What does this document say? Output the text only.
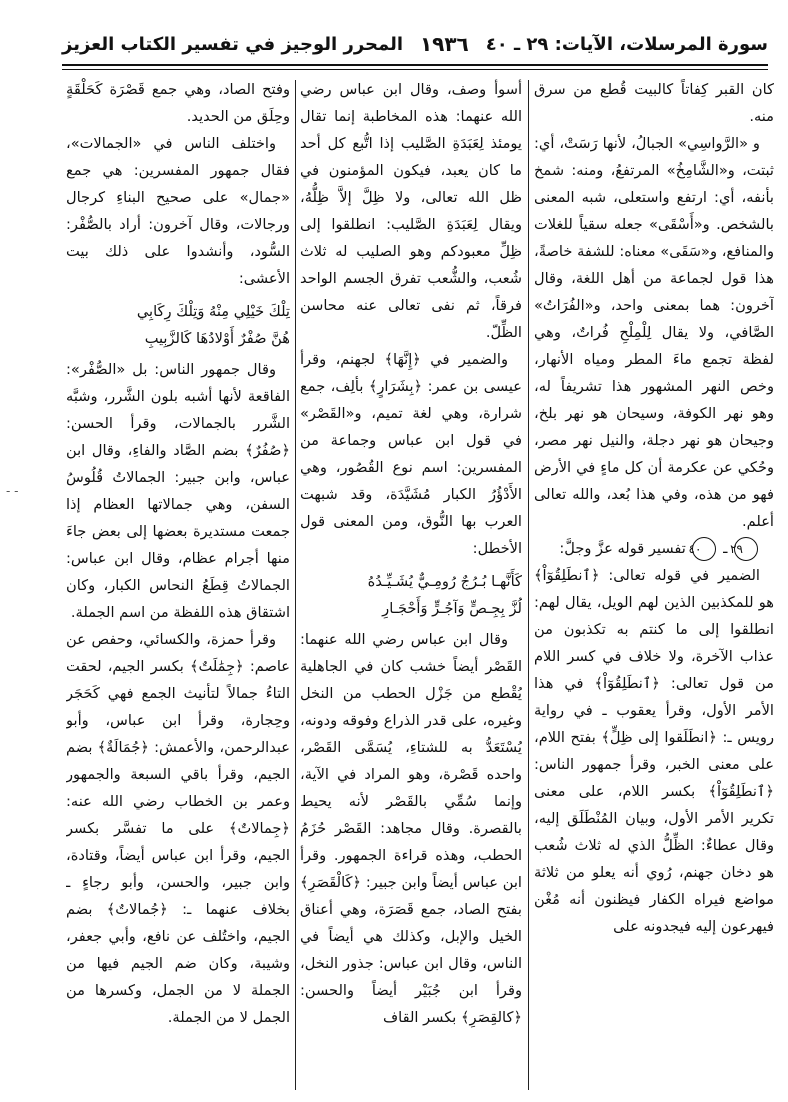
المحرر الوجيز في تفسير الكتاب العزيز ١٩٣٦ سورة المرسلات، الآيات: ٢٩ ـ ٤٠

كان القبر كِفاتاً كالبيت قُطع من سرق منه.

و «الرَّواسِي» الجبالُ، لأنها رَسَتْ، أي: ثبتت، و«الشَّامِخُ» المرتفعُ، ومنه: شمخ بأنفه، أي: ارتفع واستعلى، شبه المعنى بالشخص. و«أَسْقَى» جعله سقياً للغلات والمنافع، و«سَقَى» معناه: للشفة خاصةً، هذا قول لجماعة من أهل اللغة، وقال آخرون: هما بمعنى واحد، و«الفُرَاتُ» الصَّافي، ولا يقال لِلْمِلْحِ فُراتٌ، وهي لفظة تجمع ماءَ المطر ومياه الأنهار، وخص النهر المشهور هذا تشريفاً له، وهو نهر الكوفة، وسيحان هو نهر بلخ، وجيحان هو نهر دجلة، والنيل نهر مصر، وحُكي عن عكرمة أن كل ماءٍ في الأرض فهو من هذه، وفي هذا بُعد، والله تعالى أعلم.

٢٩ ـ ٤٠ تفسير قوله عزَّ وجلَّ:

الضمير في قوله تعالى: ﴿ٱنطَلِقُوٓاْ﴾ هو للمكذبين الذين لهم الويل، يقال لهم: انطلقوا إلى ما كنتم به تكذبون من عذاب الآخرة، ولا خلاف في كسر اللام من قول تعالى: ﴿ٱنطَلِقُوٓاْ﴾ في هذا الأمر الأول، وقرأ يعقوب ـ في رواية رويس ـ: ﴿انطَلَقوا إلى ظِلٍّ﴾ بفتح اللام، على معنى الخبر، وقرأ جمهور الناس: ﴿ٱنطَلِقُوٓاْ﴾ بكسر اللام، على معنى تكرير الأمر الأول، وبيان المُنْطَلَق إليه، وقال عطاءٌ: الظِّلُّ الذي له ثلاث شُعب هو دخان جهنم، رُوي أنه يعلو من ثلاثة مواضع فيراه الكفار فيظنون أنه مُغْن فيهرعون إليه فيجدونه على

أسوأ وصف، وقال ابن عباس رضي الله عنهما: هذه المخاطبة إنما تقال يومئذ لِعَبَدَةِ الصَّليب إذا اتُّبع كل أحد ما كان يعبد، فيكون المؤمنون في ظل الله تعالى، ولا ظِلَّ إلاَّ ظِلُّهُ، ويقال لِعَبَدَةِ الصَّليب: انطلقوا إلى ظِلِّ معبودكم وهو الصليب له ثلاث شُعب، والشُّعب تفرق الجسم الواحد فرقاً، ثم نفى تعالى عنه محاسن الظِّلّ.

والضمير في ﴿إِنَّهَا﴾ لجهنم، وقرأ عيسى بن عمر: ﴿بِشَرَارٍ﴾ بألِف، جمع شرارة، وهي لغة تميم، و«القَصْر» في قول ابن عباس وجماعة من المفسرين: اسم نوع القُصُور، وهي الأَدْؤُرُ الكبار مُشَيَّدَة، وقد شبهت العرب بها النُّوق، ومن المعنى قول الأخطل:

كَأَنَّهـا بُـرُجٌ رُومِـيٌّ يُشَـيِّـدُهُ
لُزَّ بِجِـصٍّ وَآجُـرٍّ وَأَحْجَـارِ

وقال ابن عباس رضي الله عنهما: القَصْر أيضاً خشب كان في الجاهلية يُقْطع من جَزْل الحطب من النخل وغيره، على قدر الذراع وفوقه ودونه، يُسْتَعَدُّ به للشتاءِ، يُسَمَّى القَصْر، واحده قَصْرة، وهو المراد في الآية، وإنما سُمِّي بالقَصْر لأنه يحيط بالقصرة. وقال مجاهد: القَصْر حُزَمُ الحطب، وهذه قراءة الجمهور. وقرأ ابن عباس أيضاً وابن جبير: ﴿كَالْقَصَرِ﴾ بفتح الصاد، جمع قَصَرَة، وهي أعناق الخيل والإبل، وكذلك هي أيضاً في الناس، وقال ابن عباس: جذور النخل، وقرأ ابن جُبَيْر أيضاً والحسن: ﴿كالقِصَرِ﴾ بكسر القاف

وفتح الصاد، وهي جمع قَصْرَة كَحَلْقَةٍ وحِلَق من الحديد.

واختلف الناس في «الجمالات»، فقال جمهور المفسرين: هي جمع «جمال» على صحيح البناءِ كرجال ورجالات، وقال آخرون: أراد بالصُّفْر: السُّود، وأنشدوا على ذلك بيت الأعشى:

تِلْكَ خَيْلِي مِنْهُ وَتِلْكَ رِكَابِي
هُنَّ صُفْرٌ أَوْلادُهَا كَالزَّبِيبِ

وقال جمهور الناس: بل «الصُّفْر»: الفاقعة لأنها أشبه بلون الشَّرر، وشبَّه الشَّرر بالجمالات، وقرأ الحسن: ﴿صُفُرٌ﴾ بضم الصَّاد والفاءِ، وقال ابن عباس، وابن جبير: الجمالاتُ قُلُوسُ السفن، وهي جمالاتها العظام إذا جمعت مستديرة بعضها إلى بعض جاءَ منها أجرام عظام، وقال ابن عباس: الجمالاتُ قِطَعُ النحاس الكبار، وكان اشتقاق هذه اللفظة من اسم الجملة.

وقرأ حمزة، والكسائي، وحفص عن عاصم: ﴿جِمَٰلَتٌ﴾ بكسر الجيم، لحقت التاءُ جمالاً لتأنيث الجمع فهي كَحَجَر وحِجارة، وقرأ ابن عباس، وأبو عبدالرحمن، والأعمش: ﴿جُمَالَةٌ﴾ بضم الجيم، وقرأ باقي السبعة والجمهور وعمر بن الخطاب رضي الله عنه: ﴿جِمالاتٌ﴾ على ما تفسَّر بكسر الجيم، وقرأ ابن عباس أيضاً، وقتادة، وابن جبير، والحسن، وأبو رجاءٍ ـ بخلاف عنهما ـ: ﴿جُمالاتٌ﴾ بضم الجيم، واختُلف عن نافع، وأبي جعفر، وشيبة، وكان ضم الجيم فيها من الجملة لا من الجمل، وكسرها من الجمل لا من الجملة.

- -
